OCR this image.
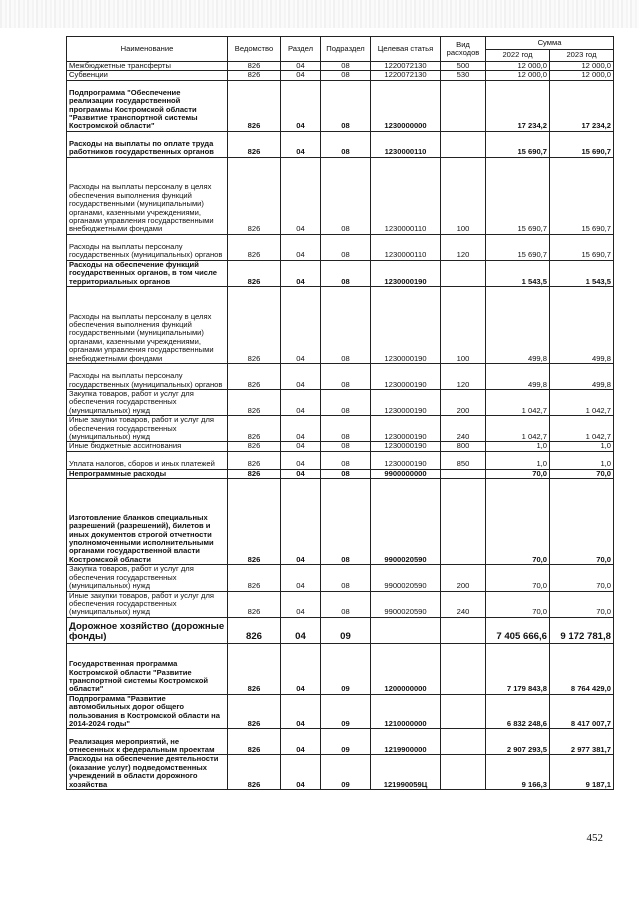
Наименование	Ведомство	Раздел	Подраздел	Целевая статья	Вид расходов	Сумма	
						2022 год	2023 год
Межбюджетные трансферты	826	04	08	1220072130	500	12 000,0	12 000,0
Субвенции	826	04	08	1220072130	530	12 000,0	12 000,0
Подпрограмма "Обеспечение реализации государственной программы Костромской области "Развитие транспортной системы Костромской области"	826	04	08	1230000000		17 234,2	17 234,2
Расходы на выплаты по оплате труда работников государственных органов	826	04	08	1230000110		15 690,7	15 690,7
Расходы на выплаты персоналу в целях обеспечения выполнения функций государственными (муниципальными) органами, казенными учреждениями, органами управления государственными внебюджетными фондами	826	04	08	1230000110	100	15 690,7	15 690,7
Расходы на выплаты персоналу государственных (муниципальных) органов	826	04	08	1230000110	120	15 690,7	15 690,7
Расходы на обеспечение функций государственных органов, в том числе территориальных органов	826	04	08	1230000190		1 543,5	1 543,5
Расходы на выплаты персоналу в целях обеспечения выполнения функций государственными (муниципальными) органами, казенными учреждениями, органами управления государственными внебюджетными фондами	826	04	08	1230000190	100	499,8	499,8
Расходы на выплаты персоналу государственных (муниципальных) органов	826	04	08	1230000190	120	499,8	499,8
Закупка товаров, работ и услуг для обеспечения государственных (муниципальных) нужд	826	04	08	1230000190	200	1 042,7	1 042,7
Иные закупки товаров, работ и услуг для обеспечения государственных (муниципальных) нужд	826	04	08	1230000190	240	1 042,7	1 042,7
Иные бюджетные ассигнования	826	04	08	1230000190	800	1,0	1,0
Уплата налогов, сборов и иных платежей	826	04	08	1230000190	850	1,0	1,0
Непрограммные расходы	826	04	08	9900000000		70,0	70,0
Изготовление бланков специальных разрешений (разрешений), билетов и иных документов строгой отчетности уполномоченными исполнительными органами государственной власти Костромской области	826	04	08	9900020590		70,0	70,0
Закупка товаров, работ и услуг для обеспечения государственных (муниципальных) нужд	826	04	08	9900020590	200	70,0	70,0
Иные закупки товаров, работ и услуг для обеспечения государственных (муниципальных) нужд	826	04	08	9900020590	240	70,0	70,0
Дорожное хозяйство (дорожные фонды)	826	04	09			7 405 666,6	9 172 781,8
Государственная программа Костромской области "Развитие транспортной системы Костромской области"	826	04	09	1200000000		7 179 843,8	8 764 429,0
Подпрограмма "Развитие автомобильных дорог общего пользования в Костромской области на 2014-2024 годы"	826	04	09	1210000000		6 832 248,6	8 417 007,7
Реализация мероприятий, не отнесенных к федеральным проектам	826	04	09	1219900000		2 907 293,5	2 977 381,7
Расходы на обеспечение деятельности (оказание услуг) подведомственных учреждений в области дорожного хозяйства	826	04	09	121990059Ц		9 166,3	9 187,1
452
